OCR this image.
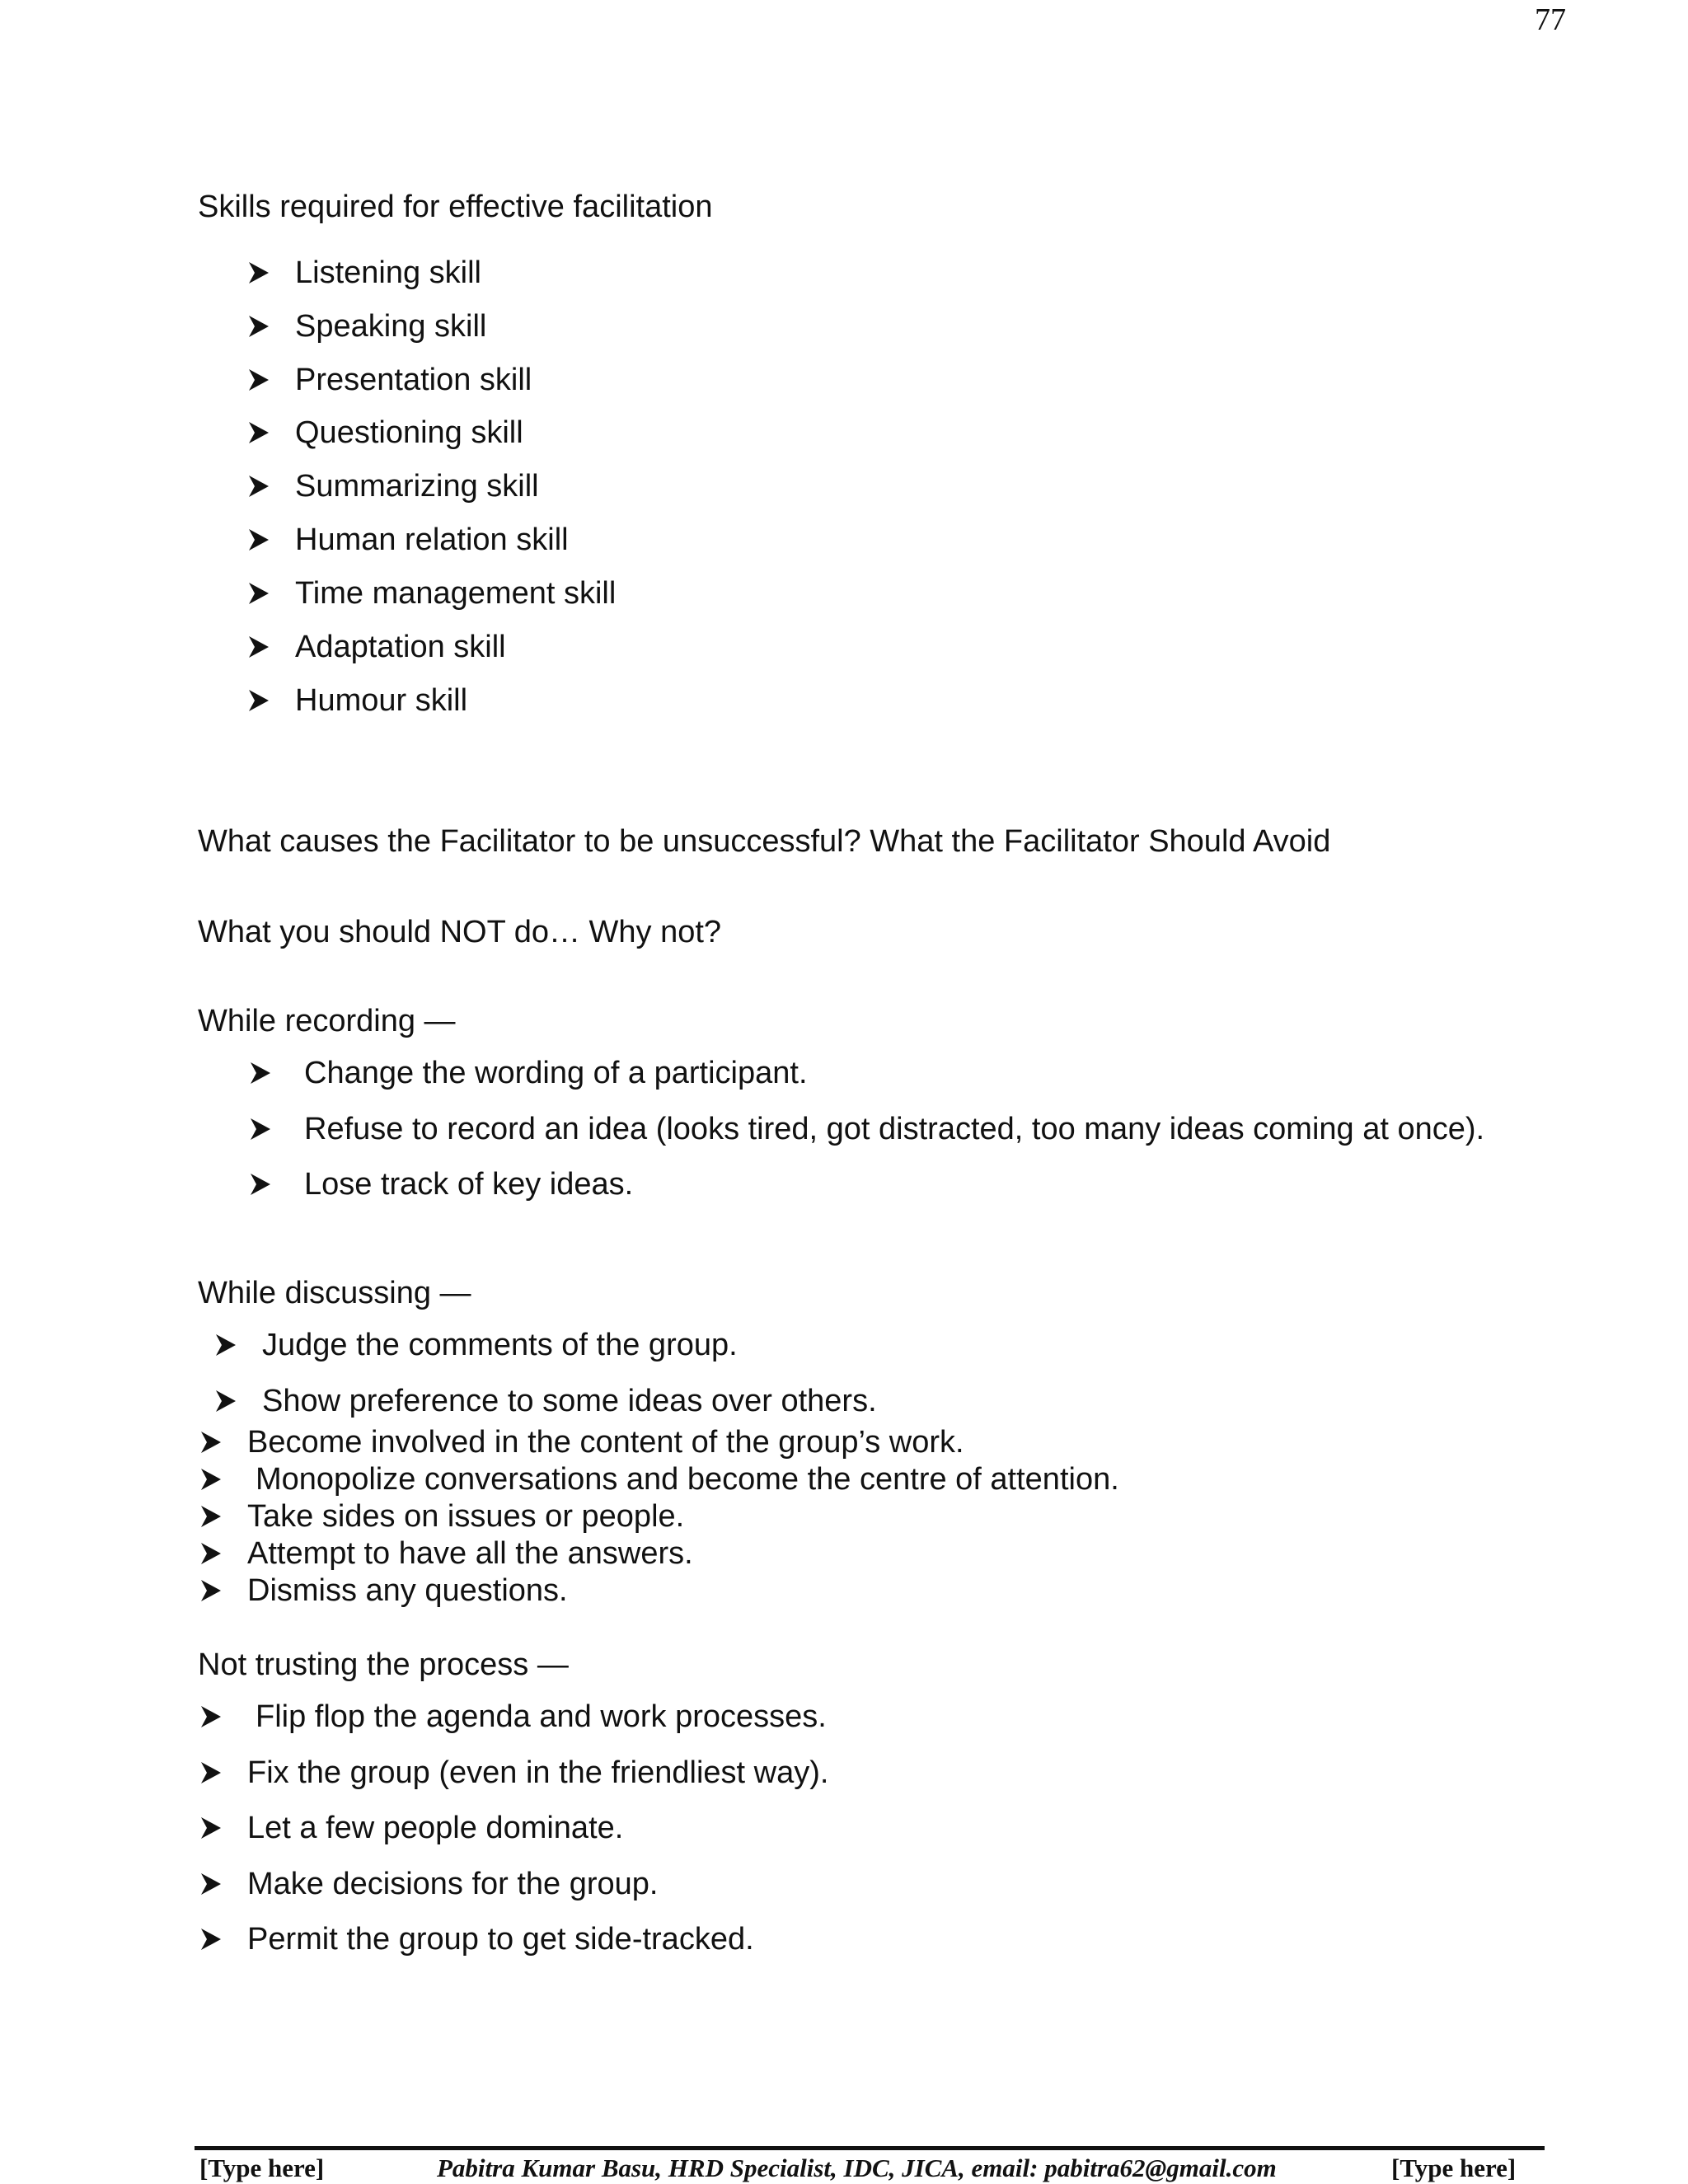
77
Skills required for effective facilitation
Listening skill
Speaking skill
Presentation skill
Questioning skill
Summarizing skill
Human relation skill
Time management skill
Adaptation skill
Humour skill
What causes the Facilitator to be unsuccessful? What the Facilitator Should Avoid
What you should NOT do… Why not?
While recording —
Change the wording of a participant.
Refuse to record an idea (looks tired, got distracted, too many ideas coming at once).
Lose track of key ideas.
While discussing —
Judge the comments of the group.
Show preference to some ideas over others.
Become involved in the content of the group’s work.
Monopolize conversations and become the centre of attention.
Take sides on issues or people.
Attempt to have all the answers.
Dismiss any questions.
Not trusting the process —
Flip flop the agenda and work processes.
Fix the group (even in the friendliest way).
Let a few people dominate.
Make decisions for the group.
Permit the group to get side-tracked.
[Type here]	Pabitra Kumar Basu, HRD Specialist, IDC, JICA, email: pabitra62@gmail.com	[Type here]
